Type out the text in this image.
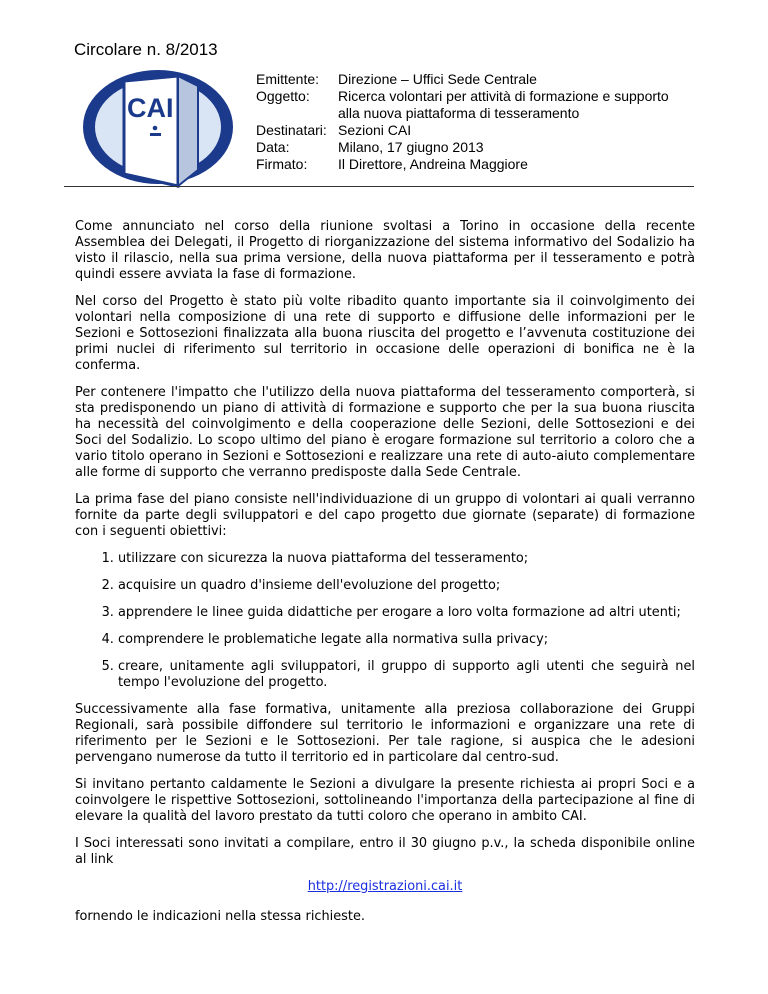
Circolare n. 8/2013
CAI
Emittente:	Direzione – Uffici Sede Centrale
Oggetto:	Ricerca volontari per attività di formazione e supporto alla nuova piattaforma di tesseramento
Destinatari: Sezioni CAI
Data:	Milano, 17 giugno 2013
Firmato:	Il Direttore, Andreina Maggiore

Come annunciato nel corso della riunione svoltasi a Torino in occasione della recente Assemblea dei Delegati, il Progetto di riorganizzazione del sistema informativo del Sodalizio ha visto il rilascio, nella sua prima versione, della nuova piattaforma per il tesseramento e potrà quindi essere avviata la fase di formazione.

Nel corso del Progetto è stato più volte ribadito quanto importante sia il coinvolgimento dei volontari nella composizione di una rete di supporto e diffusione delle informazioni per le Sezioni e Sottosezioni finalizzata alla buona riuscita del progetto e l’avvenuta costituzione dei primi nuclei di riferimento sul territorio in occasione delle operazioni di bonifica ne è la conferma.

Per contenere l'impatto che l'utilizzo della nuova piattaforma del tesseramento comporterà, si sta predisponendo un piano di attività di formazione e supporto che per la sua buona riuscita ha necessità del coinvolgimento e della cooperazione delle Sezioni, delle Sottosezioni e dei Soci del Sodalizio. Lo scopo ultimo del piano è erogare formazione sul territorio a coloro che a vario titolo operano in Sezioni e Sottosezioni e realizzare una rete di auto-aiuto complementare alle forme di supporto che verranno predisposte dalla Sede Centrale.

La prima fase del piano consiste nell'individuazione di un gruppo di volontari ai quali verranno fornite da parte degli sviluppatori e del capo progetto due giornate (separate) di formazione con i seguenti obiettivi:

1. utilizzare con sicurezza la nuova piattaforma del tesseramento;
2. acquisire un quadro d'insieme dell'evoluzione del progetto;
3. apprendere le linee guida didattiche per erogare a loro volta formazione ad altri utenti;
4. comprendere le problematiche legate alla normativa sulla privacy;
5. creare, unitamente agli sviluppatori, il gruppo di supporto agli utenti che seguirà nel tempo l'evoluzione del progetto.

Successivamente alla fase formativa, unitamente alla preziosa collaborazione dei Gruppi Regionali, sarà possibile diffondere sul territorio le informazioni e organizzare una rete di riferimento per le Sezioni e le Sottosezioni. Per tale ragione, si auspica che le adesioni pervengano numerose da tutto il territorio ed in particolare dal centro-sud.

Si invitano pertanto caldamente le Sezioni a divulgare la presente richiesta ai propri Soci e a coinvolgere le rispettive Sottosezioni, sottolineando l'importanza della partecipazione al fine di elevare la qualità del lavoro prestato da tutti coloro che operano in ambito CAI.

I Soci interessati sono invitati a compilare, entro il 30 giugno p.v., la scheda disponibile online al link

http://registrazioni.cai.it

fornendo le indicazioni nella stessa richieste.
